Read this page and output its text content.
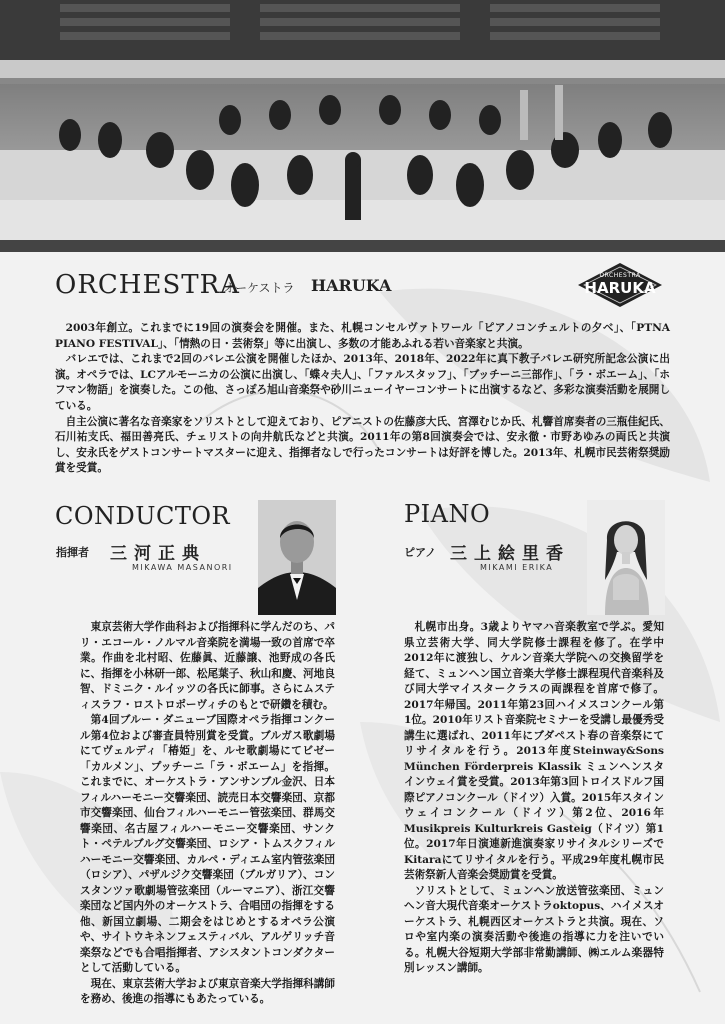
ORCHESTRA
オーケストラ HARUKA
ORCHESTRA
HARUKA

2003年創立。これまでに19回の演奏会を開催。また、札幌コンセルヴァトワール「ピアノコンチェルトの夕べ」、「PTNA PIANO FESTIVAL」、「情熱の日・芸術祭」等に出演し、多数の才能あふれる若い音楽家と共演。

バレエでは、これまで2回のバレエ公演を開催したほか、2013年、2018年、2022年に真下教子バレエ研究所記念公演に出演。オペラでは、LCアルモーニカの公演に出演し、「蝶々夫人」、「ファルスタッフ」、「ブッチーニ三部作」、「ラ・ボエーム」、「ホフマン物語」を演奏した。この他、さっぽろ旭山音楽祭や砂川ニューイヤーコンサートに出演するなど、多彩な演奏活動を展開している。

自主公演に著名な音楽家をソリストとして迎えており、ピアニストの佐藤彦大氏、宮澤むじか氏、札響首席奏者の三瓶佳紀氏、石川祐支氏、福田善亮氏、チェリストの向井航氏などと共演。2011年の第8回演奏会では、安永徹・市野あゆみの両氏と共演し、安永氏をゲストコンサートマスターに迎え、指揮者なしで行ったコンサートは好評を博した。2013年、札幌市民芸術祭奨励賞を受賞。

CONDUCTOR
指揮者 三河正典
MIKAWA MASANORI

東京芸術大学作曲科および指揮科に学んだのち、パリ・エコール・ノルマル音楽院を満場一致の首席で卒業。作曲を北村昭、佐藤眞、近藤譲、池野成の各氏に、指揮を小林研一郎、松尾葉子、秋山和慶、河地良智、ドミニク・ルイッツの各氏に師事。さらにムスティスラフ・ロストロポーヴィチのもとで研鑽を積む。

第4回ブルー・ダニューブ国際オペラ指揮コンクール第4位および審査員特別賞を受賞。ブルガス歌劇場にてヴェルディ「椿姫」を、ルセ歌劇場にてビゼー「カルメン」、プッチーニ「ラ・ボエーム」を指揮。これまでに、オーケストラ・アンサンブル金沢、日本フィルハーモニー交響楽団、読売日本交響楽団、京都市交響楽団、仙台フィルハーモニー管弦楽団、群馬交響楽団、名古屋フィルハーモニー交響楽団、サンクト・ペテルブルグ交響楽団、ロシア・トムスクフィルハーモニー交響楽団、カルペ・ディエム室内管弦楽団（ロシア）、パザルジク交響楽団（ブルガリア）、コンスタンツァ歌劇場管弦楽団（ルーマニア）、浙江交響楽団など国内外のオーケストラ、合唱団の指揮をする他、新国立劇場、二期会をはじめとするオペラ公演や、サイトウキネンフェスティバル、アルゲリッチ音楽祭などでも合唱指揮者、アシスタントコンダクターとして活動している。

現在、東京芸術大学および東京音楽大学指揮科講師を務め、後進の指導にもあたっている。

PIANO
ピアノ 三上絵里香
MIKAMI ERIKA

札幌市出身。3歳よりヤマハ音楽教室で学ぶ。愛知県立芸術大学、同大学院修士課程を修了。在学中2012年に渡独し、ケルン音楽大学院への交換留学を経て、ミュンヘン国立音楽大学修士課程現代音楽科及び同大学マイスタークラスの両課程を首席で修了。2017年帰国。2011年第23回ハイメスコンクール第1位。2010年リスト音楽院セミナーを受講し最優秀受講生に選ばれ、2011年にブダペスト春の音楽祭にてリサイタルを行う。2013年度Steinway&Sons München Förderpreis Klassik ミュンヘンスタインウェイ賞を受賞。2013年第3回トロイスドルフ国際ピアノコンクール（ドイツ）入賞。2015年スタインウェイコンクール（ドイツ）第2位、2016年Musikpreis Kulturkreis Gasteig（ドイツ）第1位。2017年日演連新進演奏家リサイタルシリーズでKitaraにてリサイタルを行う。平成29年度札幌市民芸術祭新人音楽会奨励賞を受賞。

ソリストとして、ミュンヘン放送管弦楽団、ミュンヘン音大現代音楽オーケストラoktopus、ハイメスオーケストラ、札幌西区オーケストラと共演。現在、ソロや室内楽の演奏活動や後進の指導に力を注いでいる。札幌大谷短期大学部非常勤講師、㈱エルム楽器特別レッスン講師。
